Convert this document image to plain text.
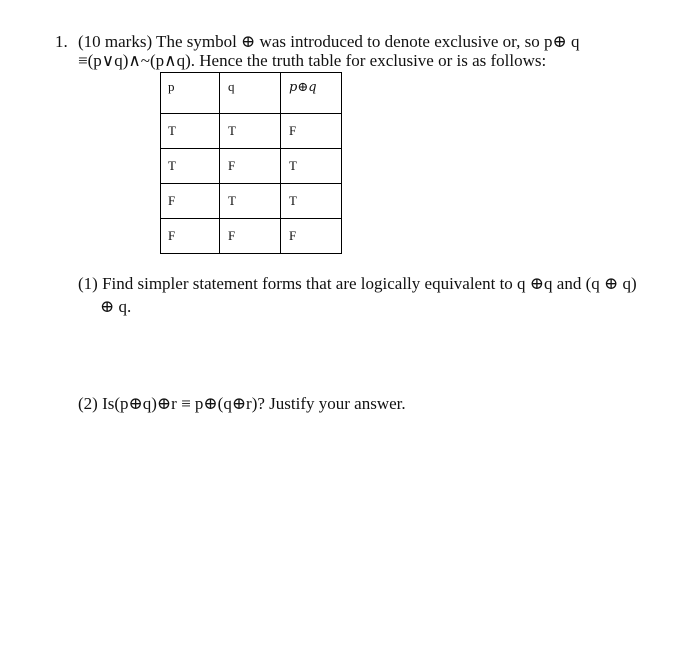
1. (10 marks) The symbol ⊕ was introduced to denote exclusive or, so p⊕ q
≡(p∨q)∧~(p∧q). Hence the truth table for exclusive or is as follows:
p	q	p⊕q
T	T	F
T	F	T
F	T	T
F	F	F
(1) Find simpler statement forms that are logically equivalent to q ⊕q and (q ⊕ q)
⊕ q.
(2) Is(p⊕q)⊕r ≡ p⊕(q⊕r)? Justify your answer.
